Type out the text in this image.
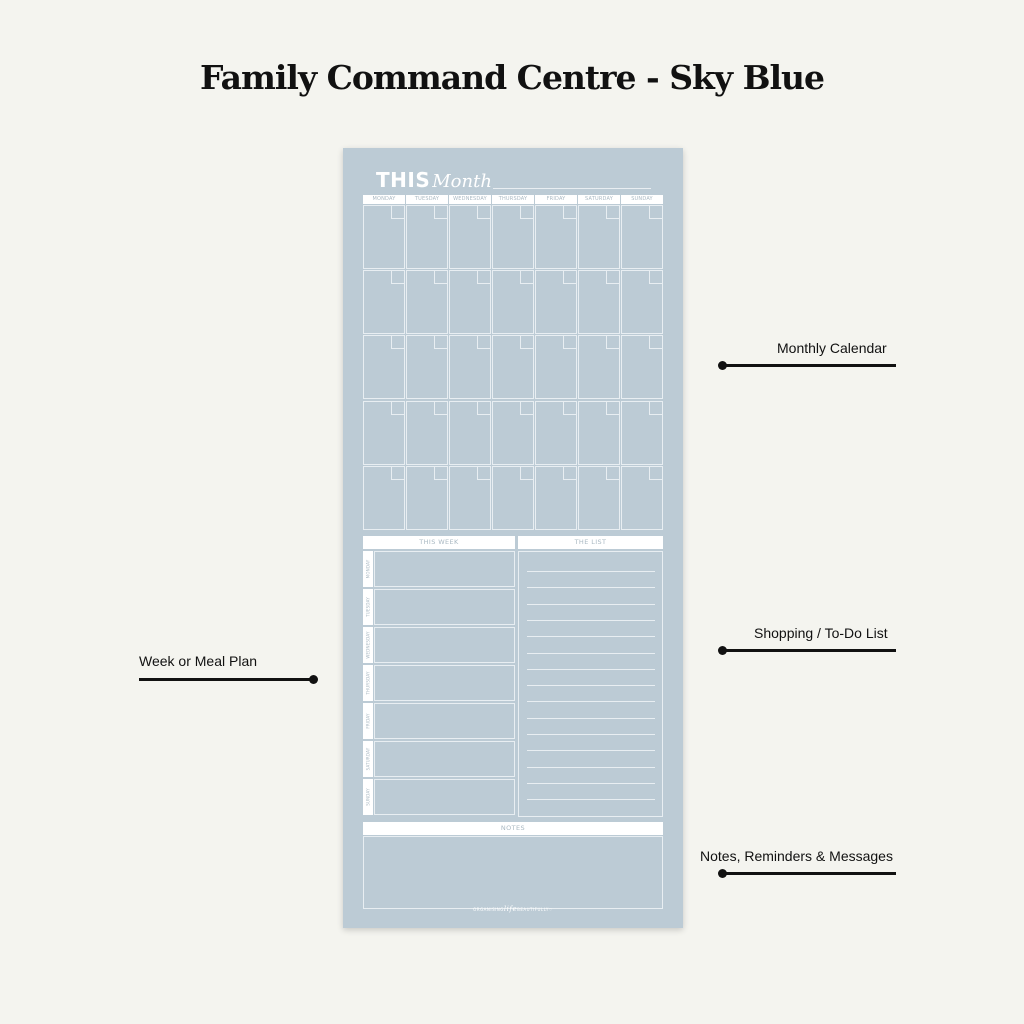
Family Command Centre - Sky Blue
THIS Month
MONDAY	TUESDAY	WEDNESDAY	THURSDAY	FRIDAY	SATURDAY	SUNDAY
THIS WEEK	THE LIST
MONDAY
TUESDAY
WEDNESDAY
THURSDAY
FRIDAY
SATURDAY
SUNDAY
NOTES
ORGANISINGlifeBEAUTIFULLY♡
Monthly Calendar
Shopping / To-Do List
Notes, Reminders & Messages
Week or Meal Plan
